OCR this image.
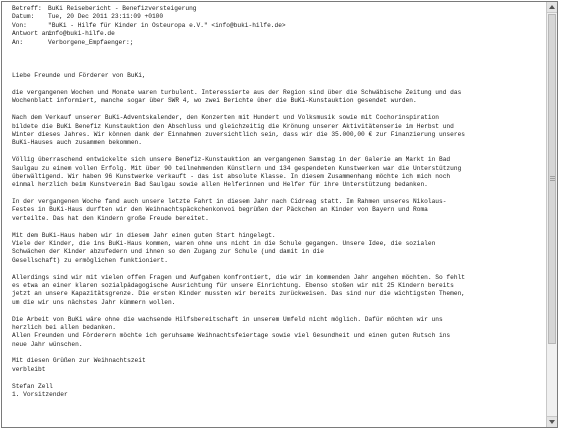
Betreff: BuKi Reisebericht - Benefizversteigerung
Datum: Tue, 20 Dec 2011 23:11:09 +0100
Von:	"BuKi - Hilfe für Kinder in Osteuropa e.V." <info@buki-hilfe.de>
Antwort an:info@buki-hilfe.de
An:	Verborgene_Empfaenger:;
Liebe Freunde und Förderer von BuKi,
die vergangenen Wochen und Monate waren turbulent. Interessierte aus der Region sind über die Schwäbische Zeitung und das
Wochenblatt informiert, manche sogar über SWR 4, wo zwei Berichte über die BuKi-Kunstauktion gesendet wurden.
Nach dem Verkauf unserer BuKi-Adventskalender, den Konzerten mit Hundert und Volksmusik sowie mit Cochorinspiration
bildete die BuKi Benefiz Kunstauktion den Abschluss und gleichzeitig die Krönung unserer Aktivitätenserie im Herbst und
Winter dieses Jahres. Wir können dank der Einnahmen zuversichtlich sein, dass wir die 35.000,00 € zur Finanzierung unseres
BuKi-Hauses auch zusammen bekommen.
Völlig überraschend entwickelte sich unsere Benefiz-Kunstauktion am vergangenen Samstag in der Galerie am Markt in Bad
Saulgau zu einem vollen Erfolg. Mit über 90 teilnehmenden Künstlern und 134 gespendeten Kunstwerken war die Unterstützung
überwältigend. Wir haben 96 Kunstwerke verkauft - das ist absolute Klasse. In diesem Zusammenhang möchte ich mich noch
einmal herzlich beim Kunstverein Bad Saulgau sowie allen Helferinnen und Helfer für ihre Unterstützung bedanken.
In der vergangenen Woche fand auch unsere letzte Fahrt in diesem Jahr nach Cidreag statt. Im Rahmen unseres Nikolaus-
Festes in BuKi-Haus durften wir den Weihnachtspäckchenkonvoi begrüßen der Päckchen an Kinder von Bayern und Roma
verteilte. Das hat den Kindern große Freude bereitet.
Mit dem BuKi-Haus haben wir in diesem Jahr einen guten Start hingelegt.
Viele der Kinder, die ins BuKi-Haus kommen, waren ohne uns nicht in die Schule gegangen. Unsere Idee, die sozialen
Schwächen der Kinder abzufedern und ihnen so den Zugang zur Schule (und damit in die
Gesellschaft) zu ermöglichen funktioniert.
Allerdings sind wir mit vielen offen Fragen und Aufgaben konfrontiert, die wir im kommenden Jahr angehen möchten. So fehlt
es etwa an einer klaren sozialpädagogische Ausrichtung für unsere Einrichtung. Ebenso stoßen wir mit 25 Kindern bereits
jetzt an unsere Kapazitätsgrenze. Die ersten Kinder mussten wir bereits zurückweisen. Das sind nur die wichtigsten Themen,
um die wir uns nächstes Jahr kümmern wollen.
Die Arbeit von BuKi wäre ohne die wachsende Hilfsbereitschaft in unserem Umfeld nicht möglich. Dafür möchten wir uns
herzlich bei allen bedanken.
Allen Freunden und Förderern möchte ich geruhsame Weihnachtsfeiertage sowie viel Gesundheit und einen guten Rutsch ins
neue Jahr wünschen.
Mit diesen Grüßen zur Weihnachtszeit
verbleibt
Stefan Zell
1. Vorsitzender
